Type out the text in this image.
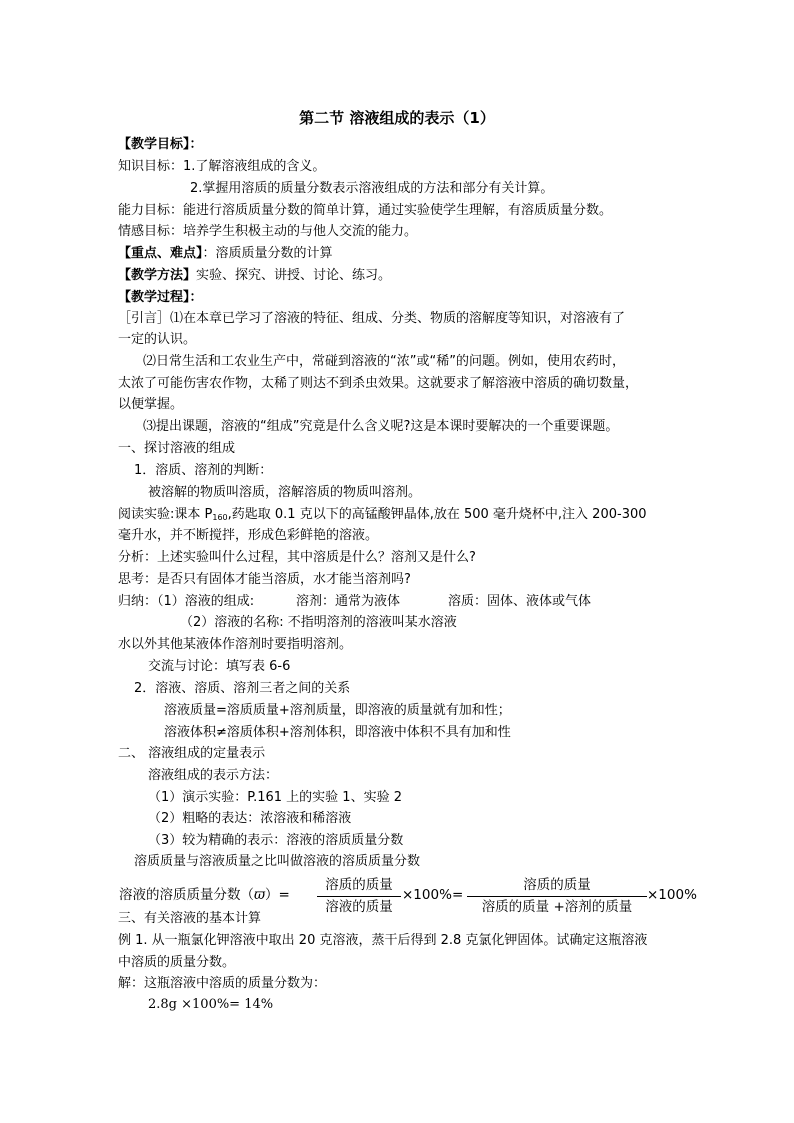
第二节 溶液组成的表示（1）
【教学目标】：
知识目标：1.了解溶液组成的含义。
2.掌握用溶质的质量分数表示溶液组成的方法和部分有关计算。
能力目标：能进行溶质质量分数的简单计算，通过实验使学生理解，有溶质质量分数。
情感目标：培养学生积极主动的与他人交流的能力。
【重点、难点】：溶质质量分数的计算
【教学方法】实验、探究、讲授、讨论、练习。
【教学过程】：
［引言］⑴在本章已学习了溶液的特征、组成、分类、物质的溶解度等知识，对溶液有了
一定的认识。
⑵日常生活和工农业生产中，常碰到溶液的“浓”或“稀”的问题。例如，使用农药时，
太浓了可能伤害农作物，太稀了则达不到杀虫效果。这就要求了解溶液中溶质的确切数量，
以便掌握。
⑶提出课题，溶液的“组成”究竟是什么含义呢?这是本课时要解决的一个重要课题。
一、探讨溶液的组成
1．溶质、溶剂的判断：
被溶解的物质叫溶质，溶解溶质的物质叫溶剂。
阅读实验:课本 $P_{160}$,药匙取 0.1 克以下的高锰酸钾晶体,放在 500 毫升烧杯中,注入 200-300
毫升水，并不断搅拌，形成色彩鲜艳的溶液。
分析：上述实验叫什么过程，其中溶质是什么？溶剂又是什么?
思考：是否只有固体才能当溶质，水才能当溶剂吗?
归纳：（1）溶液的组成:	溶剂：通常为液体	溶质：固体、液体或气体
（2）溶液的名称: 不指明溶剂的溶液叫某水溶液
水以外其他某液体作溶剂时要指明溶剂。
交流与讨论：填写表 6-6
2．溶液、溶质、溶剂三者之间的关系
溶液质量=溶质质量+溶剂质量，即溶液的质量就有加和性；
溶液体积≠溶质体积+溶剂体积，即溶液中体积不具有加和性
二、 溶液组成的定量表示
溶液组成的表示方法：
（1）演示实验：P.161 上的实验 1、实验 2
（2）粗略的表达：浓溶液和稀溶液
（3）较为精确的表示：溶液的溶质质量分数
溶质质量与溶液质量之比叫做溶液的溶质质量分数
溶液的溶质质量分数（ϖ）=
溶质的质量
溶液的质量
×100% =
溶质的质量
溶质的质量 +溶剂的质量
×100%
三、有关溶液的基本计算
例 1. 从一瓶氯化钾溶液中取出 20 克溶液，蒸干后得到 2.8 克氯化钾固体。试确定这瓶溶液
中溶质的质量分数。
解：这瓶溶液中溶质的质量分数为：
2.8g ×100%= 14%
